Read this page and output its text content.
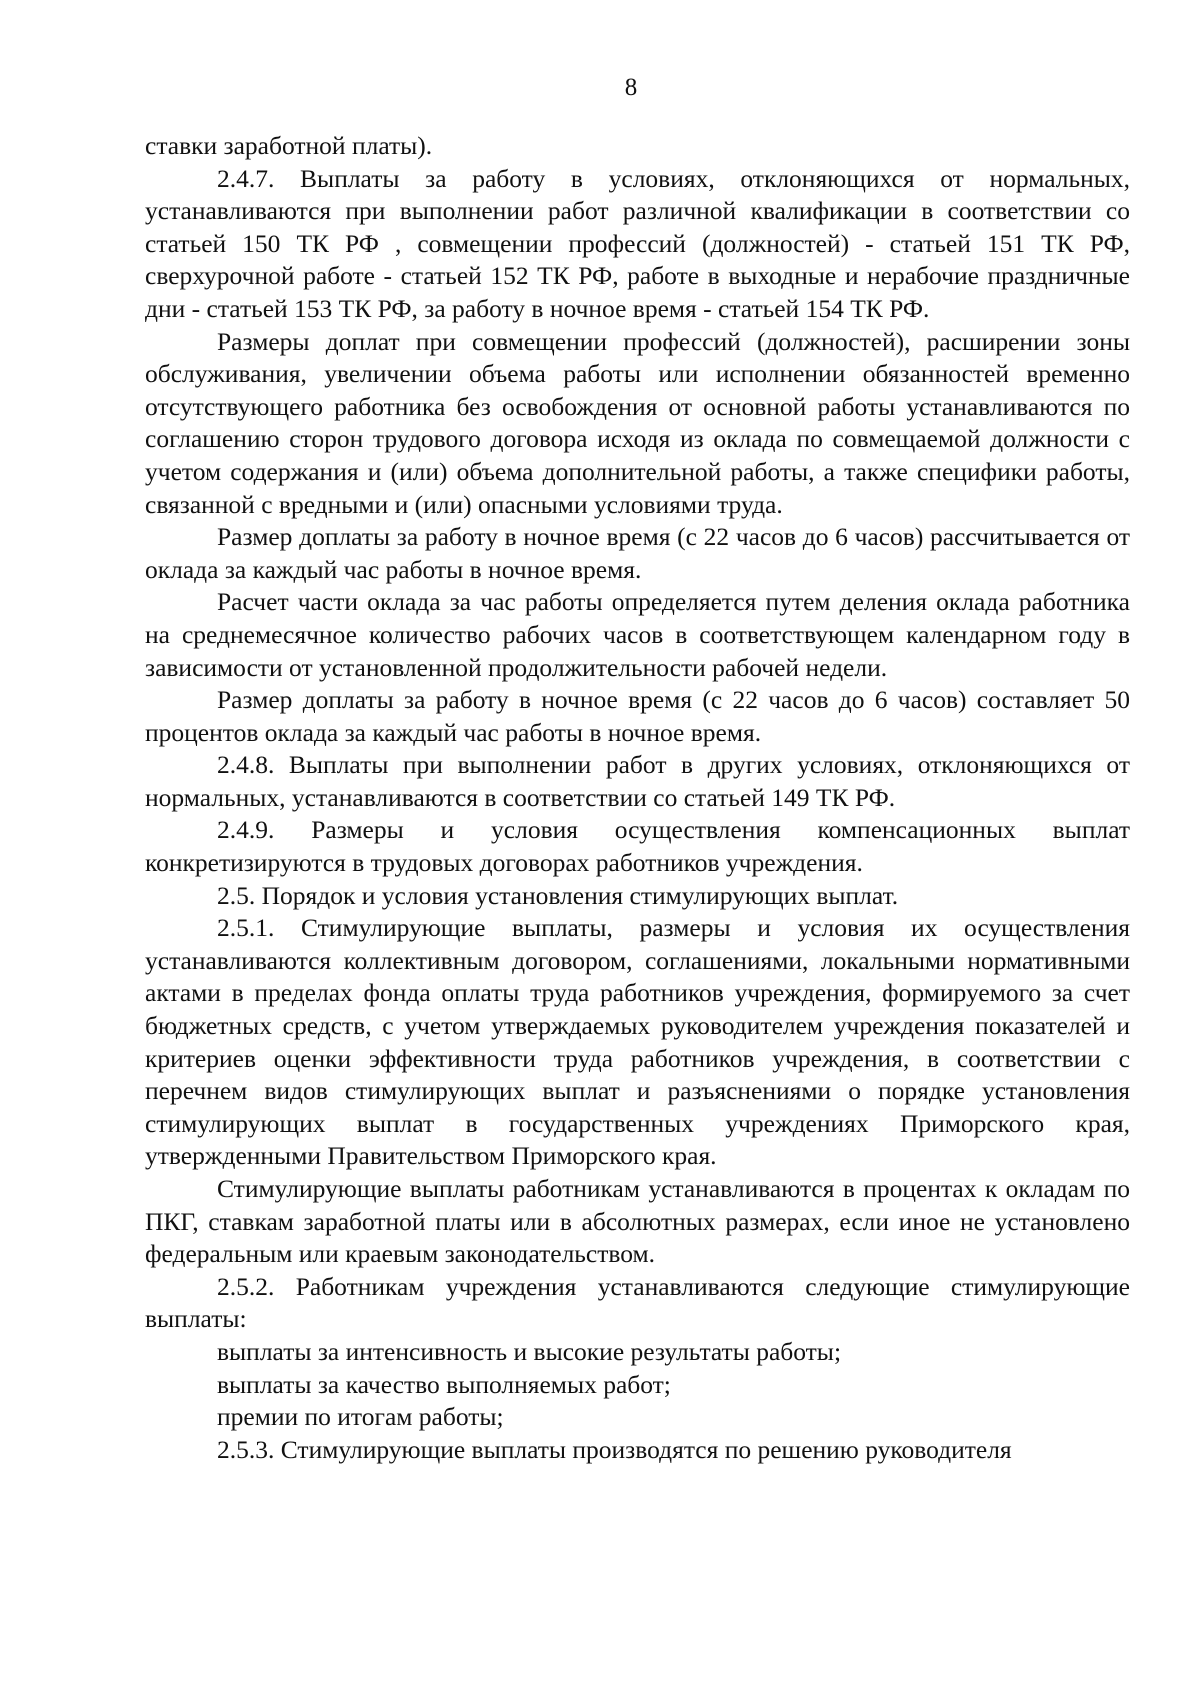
8

ставки заработной платы).

2.4.7. Выплаты за работу в условиях, отклоняющихся от нормальных, устанавливаются при выполнении работ различной квалификации в соответствии со статьей 150 ТК РФ , совмещении профессий (должностей) - статьей 151 ТК РФ, сверхурочной работе - статьей 152 ТК РФ, работе в выходные и нерабочие праздничные дни - статьей 153 ТК РФ, за работу в ночное время - статьей 154 ТК РФ.

Размеры доплат при совмещении профессий (должностей), расширении зоны обслуживания, увеличении объема работы или исполнении обязанностей временно отсутствующего работника без освобождения от основной работы устанавливаются по соглашению сторон трудового договора исходя из оклада по совмещаемой должности с учетом содержания и (или) объема дополнительной работы, а также специфики работы, связанной с вредными и (или) опасными условиями труда.

Размер доплаты за работу в ночное время (с 22 часов до 6 часов) рассчитывается от оклада за каждый час работы в ночное время.

Расчет части оклада за час работы определяется путем деления оклада работника на среднемесячное количество рабочих часов в соответствующем календарном году в зависимости от установленной продолжительности рабочей недели.

Размер доплаты за работу в ночное время (с 22 часов до 6 часов) составляет 50 процентов оклада за каждый час работы в ночное время.

2.4.8. Выплаты при выполнении работ в других условиях, отклоняющихся от нормальных, устанавливаются в соответствии со статьей 149 ТК РФ.

2.4.9. Размеры и условия осуществления компенсационных выплат конкретизируются в трудовых договорах работников учреждения.

2.5. Порядок и условия установления стимулирующих выплат.

2.5.1. Стимулирующие выплаты, размеры и условия их осуществления устанавливаются коллективным договором, соглашениями, локальными нормативными актами в пределах фонда оплаты труда работников учреждения, формируемого за счет бюджетных средств, с учетом утверждаемых руководителем учреждения показателей и критериев оценки эффективности труда работников учреждения, в соответствии с перечнем видов стимулирующих выплат и разъяснениями о порядке установления стимулирующих выплат в государственных учреждениях Приморского края, утвержденными Правительством Приморского края.

Стимулирующие выплаты работникам устанавливаются в процентах к окладам по ПКГ, ставкам заработной платы или в абсолютных размерах, если иное не установлено федеральным или краевым законодательством.

2.5.2. Работникам учреждения устанавливаются следующие стимулирующие выплаты:

выплаты за интенсивность и высокие результаты работы;

выплаты за качество выполняемых работ;

премии по итогам работы;

2.5.3. Стимулирующие выплаты производятся по решению руководителя
